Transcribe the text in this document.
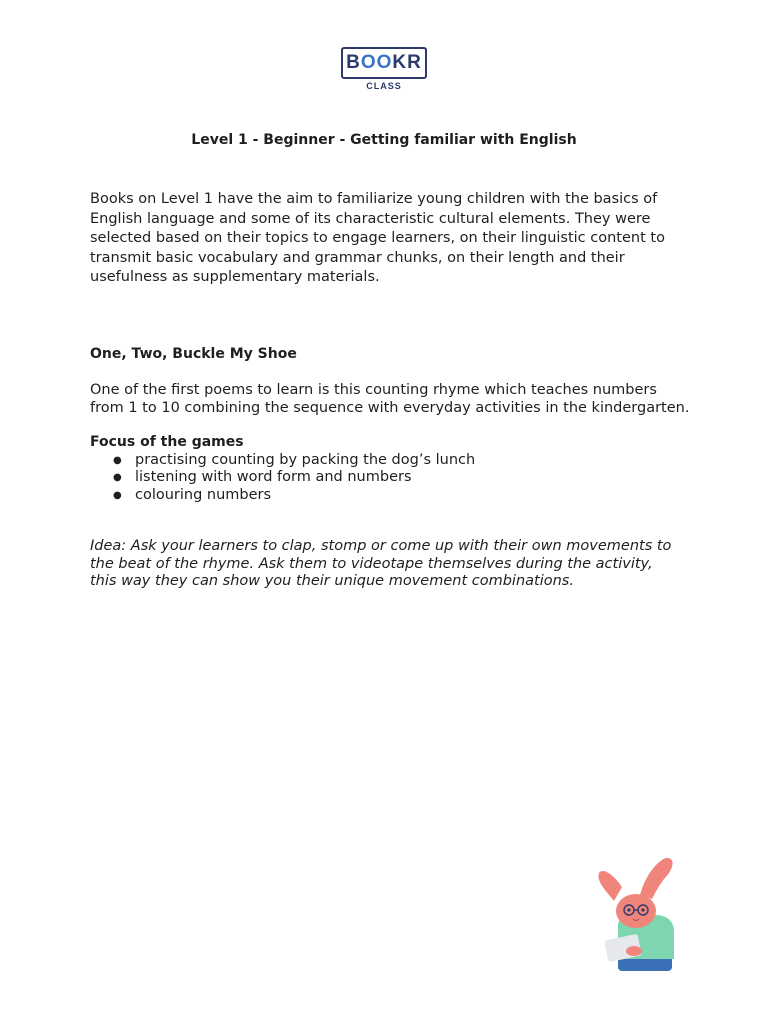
B OO KR
CLASS
Level 1 - Beginner - Getting familiar with English

Books on Level 1 have the aim to familiarize young children with the basics of English language and some of its characteristic cultural elements. They were selected based on their topics to engage learners, on their linguistic content to transmit basic vocabulary and grammar chunks, on their length and their usefulness as supplementary materials.

One, Two, Buckle My Shoe

One of the first poems to learn is this counting rhyme which teaches numbers from 1 to 10 combining the sequence with everyday activities in the kindergarten.

Focus of the games
● practising counting by packing the dog’s lunch
● listening with word form and numbers
● colouring numbers

Idea: Ask your learners to clap, stomp or come up with their own movements to the beat of the rhyme. Ask them to videotape themselves during the activity, this way they can show you their unique movement combinations.
